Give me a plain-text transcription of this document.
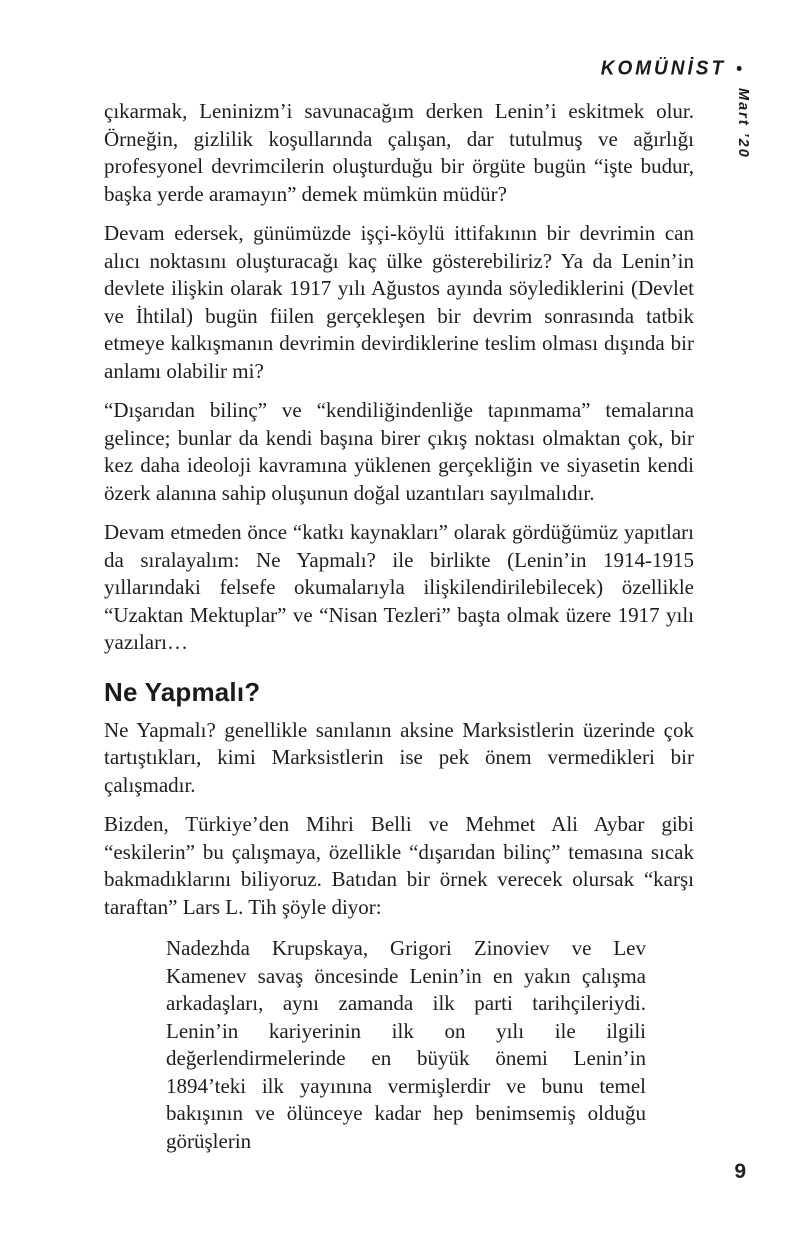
KOMÜNİST •
Mart ’20

çıkarmak, Leninizm’i savunacağım derken Lenin’i eskitmek olur. Örneğin, gizlilik koşullarında çalışan, dar tutulmuş ve ağırlığı profesyonel devrimcilerin oluşturduğu bir örgüte bugün “işte budur, başka yerde aramayın” demek mümkün müdür?

Devam edersek, günümüzde işçi-köylü ittifakının bir devrimin can alıcı noktasını oluşturacağı kaç ülke gösterebiliriz? Ya da Lenin’in devlete ilişkin olarak 1917 yılı Ağustos ayında söylediklerini (Devlet ve İhtilal) bugün fiilen gerçekleşen bir devrim sonrasında tatbik etmeye kalkışmanın devrimin devirdiklerine teslim olması dışında bir anlamı olabilir mi?

“Dışarıdan bilinç” ve “kendiliğindenliğe tapınmama” temalarına gelince; bunlar da kendi başına birer çıkış noktası olmaktan çok, bir kez daha ideoloji kavramına yüklenen gerçekliğin ve siyasetin kendi özerk alanına sahip oluşunun doğal uzantıları sayılmalıdır.

Devam etmeden önce “katkı kaynakları” olarak gördüğümüz yapıtları da sıralayalım: Ne Yapmalı? ile birlikte (Lenin’in 1914-1915 yıllarındaki felsefe okumalarıyla ilişkilendirilebilecek) özellikle “Uzaktan Mektuplar” ve “Nisan Tezleri” başta olmak üzere 1917 yılı yazıları…

Ne Yapmalı?

Ne Yapmalı? genellikle sanılanın aksine Marksistlerin üzerinde çok tartıştıkları, kimi Marksistlerin ise pek önem vermedikleri bir çalışmadır.

Bizden, Türkiye’den Mihri Belli ve Mehmet Ali Aybar gibi “eskilerin” bu çalışmaya, özellikle “dışarıdan bilinç” temasına sıcak bakmadıklarını biliyoruz. Batıdan bir örnek verecek olursak “karşı taraftan” Lars L. Tih şöyle diyor:

Nadezhda Krupskaya, Grigori Zinoviev ve Lev Kamenev savaş öncesinde Lenin’in en yakın çalışma arkadaşları, aynı zamanda ilk parti tarihçileriydi. Lenin’in kariyerinin ilk on yılı ile ilgili değerlendirmelerinde en büyük önemi Lenin’in 1894’teki ilk yayınına vermişlerdir ve bunu temel bakışının ve ölünceye kadar hep benimsemiş olduğu görüşlerin
9
